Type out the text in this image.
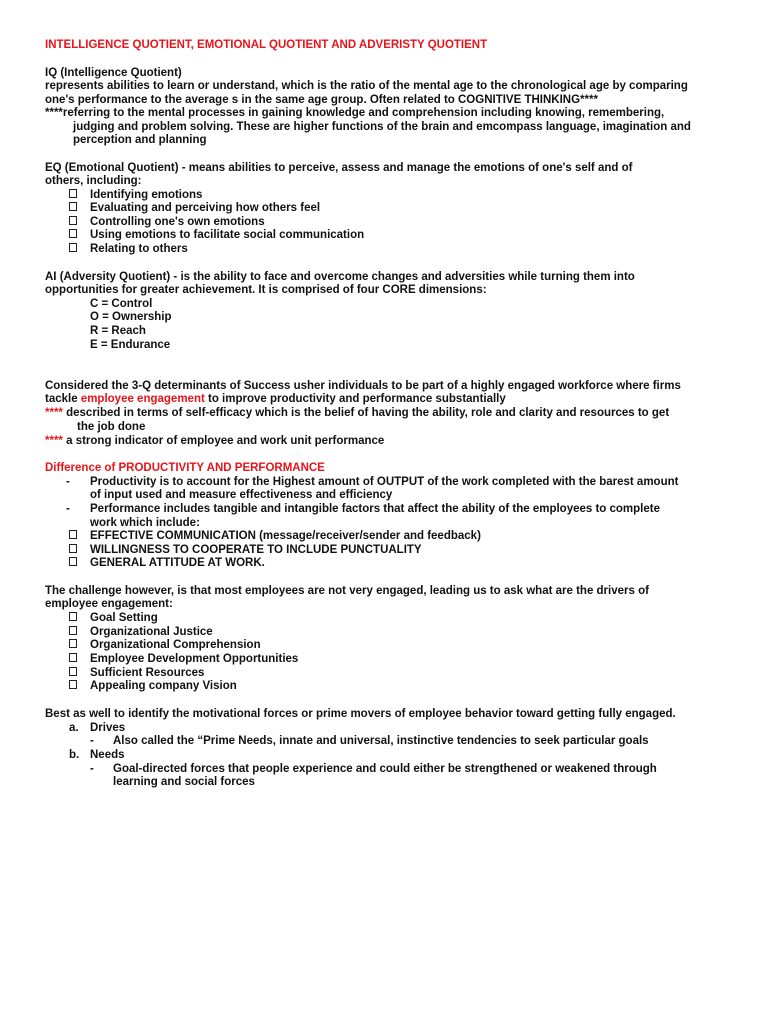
INTELLIGENCE QUOTIENT, EMOTIONAL QUOTIENT AND ADVERISTY QUOTIENT
IQ (Intelligence Quotient)
represents abilities to learn or understand, which is the ratio of the mental age to the chronological age by comparing
one's performance to the average s in the same age group. Often related to COGNITIVE THINKING****
****referring to the mental processes in gaining knowledge and comprehension including knowing, remembering,
judging and problem solving. These are higher functions of the brain and emcompass language, imagination and
perception and planning
EQ (Emotional Quotient) - means abilities to perceive, assess and manage the emotions of one's self and of
others, including:
Identifying emotions
Evaluating and perceiving how others feel
Controlling one's own emotions
Using emotions to facilitate social communication
Relating to others
AI (Adversity Quotient) - is the ability to face and overcome changes and adversities while turning them into
opportunities for greater achievement. It is comprised of four CORE dimensions:
C = Control
O = Ownership
R = Reach
E = Endurance
Considered the 3-Q determinants of Success usher individuals to be part of a highly engaged workforce where firms
tackle employee engagement to improve productivity and performance substantially
**** described in terms of self-efficacy which is the belief of having the ability, role and clarity and resources to get
the job done
**** a strong indicator of employee and work unit performance
Difference of PRODUCTIVITY AND PERFORMANCE
- Productivity is to account for the Highest amount of OUTPUT of the work completed with the barest amount
of input used and measure effectiveness and efficiency
- Performance includes tangible and intangible factors that affect the ability of the employees to complete
work which include:
EFFECTIVE COMMUNICATION (message/receiver/sender and feedback)
WILLINGNESS TO COOPERATE TO INCLUDE PUNCTUALITY
GENERAL ATTITUDE AT WORK.
The challenge however, is that most employees are not very engaged, leading us to ask what are the drivers of
employee engagement:
Goal Setting
Organizational Justice
Organizational Comprehension
Employee Development Opportunities
Sufficient Resources
Appealing company Vision
Best as well to identify the motivational forces or prime movers of employee behavior toward getting fully engaged.
a. Drives
- Also called the “Prime Needs, innate and universal, instinctive tendencies to seek particular goals
b. Needs
- Goal-directed forces that people experience and could either be strengthened or weakened through
learning and social forces
